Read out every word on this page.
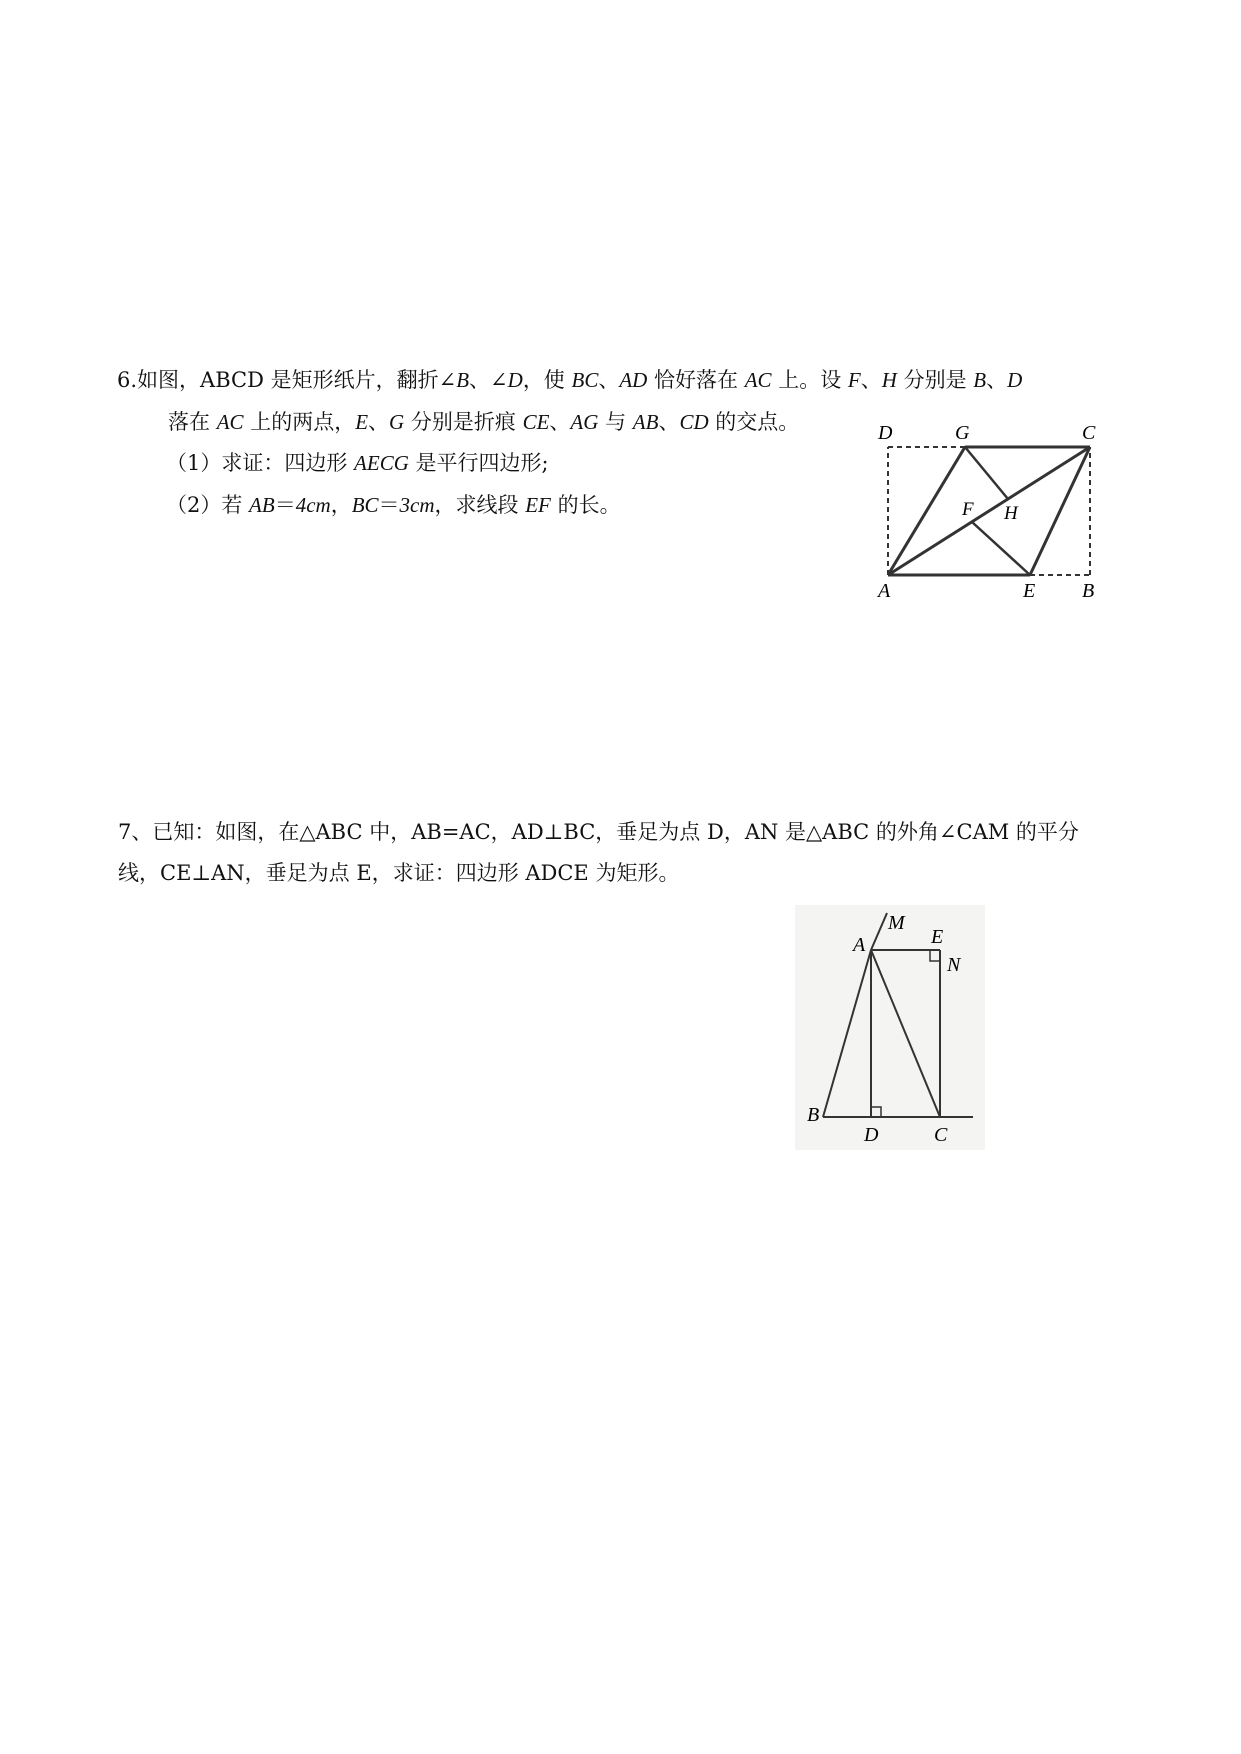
6.如图，ABCD 是矩形纸片，翻折∠B、∠D，使 BC、AD 恰好落在 AC 上。设 F、H 分别是 B、D
落在 AC 上的两点，E、G 分别是折痕 CE、AG 与 AB、CD 的交点。
（1）求证：四边形 AECG 是平行四边形;
（2）若 AB＝4cm，BC＝3cm，求线段 EF 的长。
D	G	C
F H
A	E B
7、已知：如图，在△ABC 中，AB=AC，AD⊥BC，垂足为点 D，AN 是△ABC 的外角∠CAM 的平分
线，CE⊥AN，垂足为点 E，求证：四边形 ADCE 为矩形。
M
A	E
N
B
D	C
